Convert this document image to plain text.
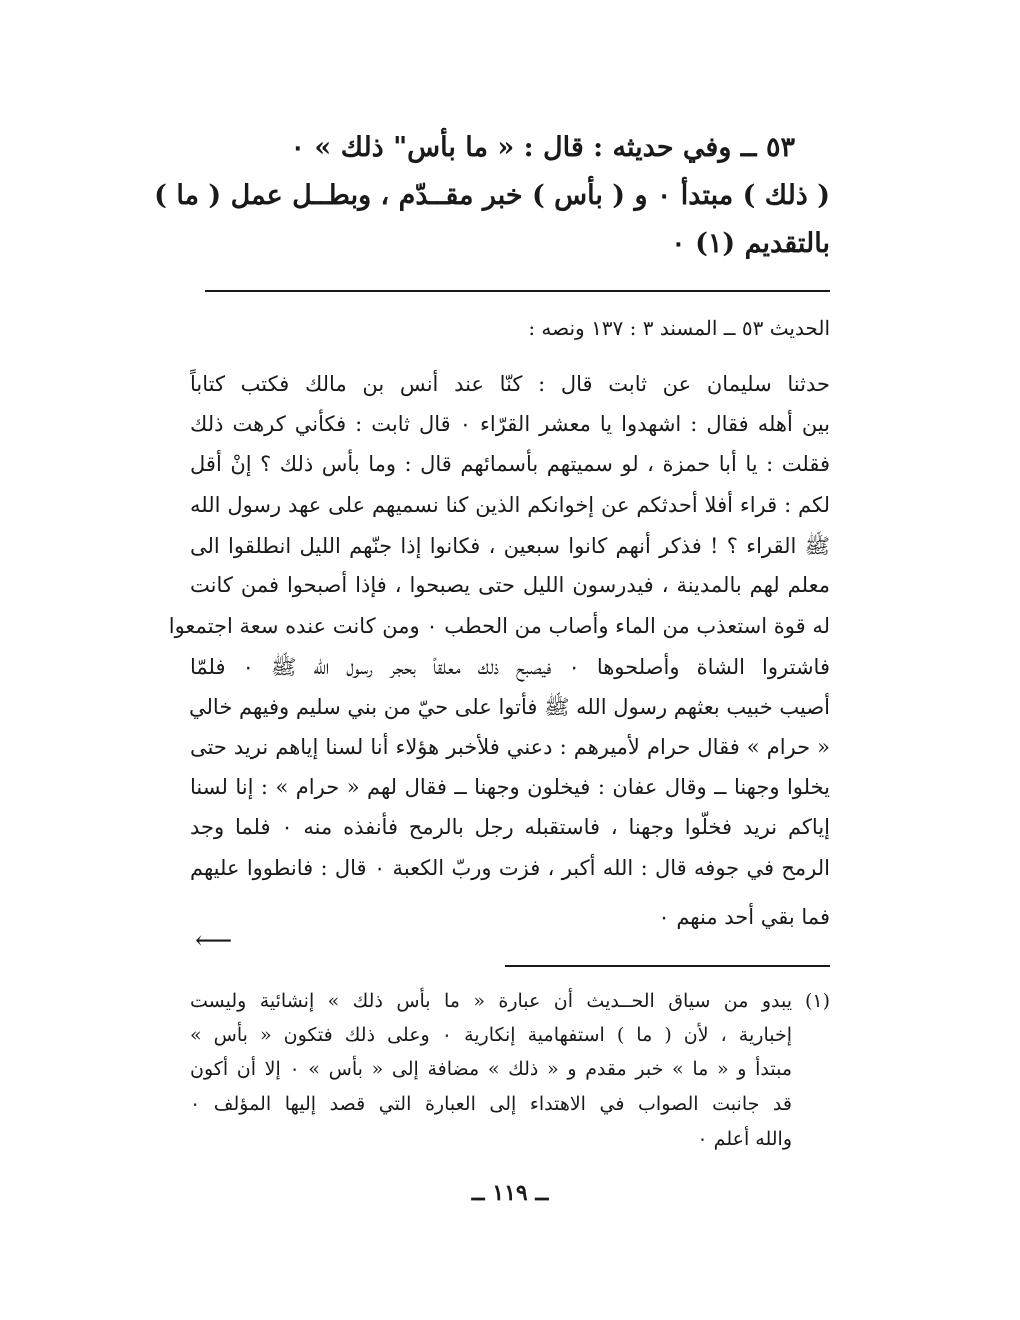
٥٣ ــ وفي حديثه : قال : « ما بأس" ذلك » ٠
( ذلك ) مبتدأ ٠ و ( بأس ) خبر مقــدّم ، وبطــل عمل ( ما )
بالتقديم (١) ٠
الحديث ٥٣ ــ المسند ٣ : ١٣٧ ونصه :
حدثنا سليمان عن ثابت قال : كنّا عند أنس بن مالك فكتب كتاباً
بين أهله فقال : اشهدوا يا معشر القرّاء ٠ قال ثابت : فكأني كرهت ذلك
فقلت : يا أبا حمزة ، لو سميتهم بأسمائهم قال : وما بأس ذلك ؟ إنْ أقل
لكم : قراء أفلا أحدثكم عن إخوانكم الذين كنا نسميهم على عهد رسول الله
ﷺ القراء ؟ ! فذكر أنهم كانوا سبعين ، فكانوا إذا جنّهم الليل انطلقوا الى
معلم لهم بالمدينة ، فيدرسون الليل حتى يصبحوا ، فإذا أصبحوا فمن كانت
له قوة استعذب من الماء وأصاب من الحطب ٠ ومن كانت عنده سعة اجتمعوا
فاشتروا الشاة وأصلحوها ٠ فيصبح ذلك معلقاً بحجر رسول الله ﷺ ٠ فلمّا
أصيب خبيب بعثهم رسول الله ﷺ فأتوا على حيّ من بني سليم وفيهم خالي
« حرام » فقال حرام لأميرهم : دعني فلأخبر هؤلاء أنا لسنا إياهم نريد حتى
يخلوا وجهنا ــ وقال عفان : فيخلون وجهنا ــ فقال لهم « حرام » : إنا لسنا
إياكم نريد فخلّوا وجهنا ، فاستقبله رجل بالرمح فأنفذه منه ٠ فلما وجد
الرمح في جوفه قال : الله أكبر ، فزت وربّ الكعبة ٠ قال : فانطووا عليهم
فما بقي أحد منهم ٠
⟵
(١)
يبدو من سياق الحــديث أن عبارة « ما بأس ذلك » إنشائية وليست
إخبارية ، لأن ( ما ) استفهامية إنكارية ٠ وعلى ذلك فتكون « بأس »
مبتدأ و « ما » خبر مقدم و « ذلك » مضافة إلى « بأس » ٠ إلا أن أكون
قد جانبت الصواب في الاهتداء إلى العبارة التي قصد إليها المؤلف ٠
والله أعلم ٠
ــ ١١٩ ــ
